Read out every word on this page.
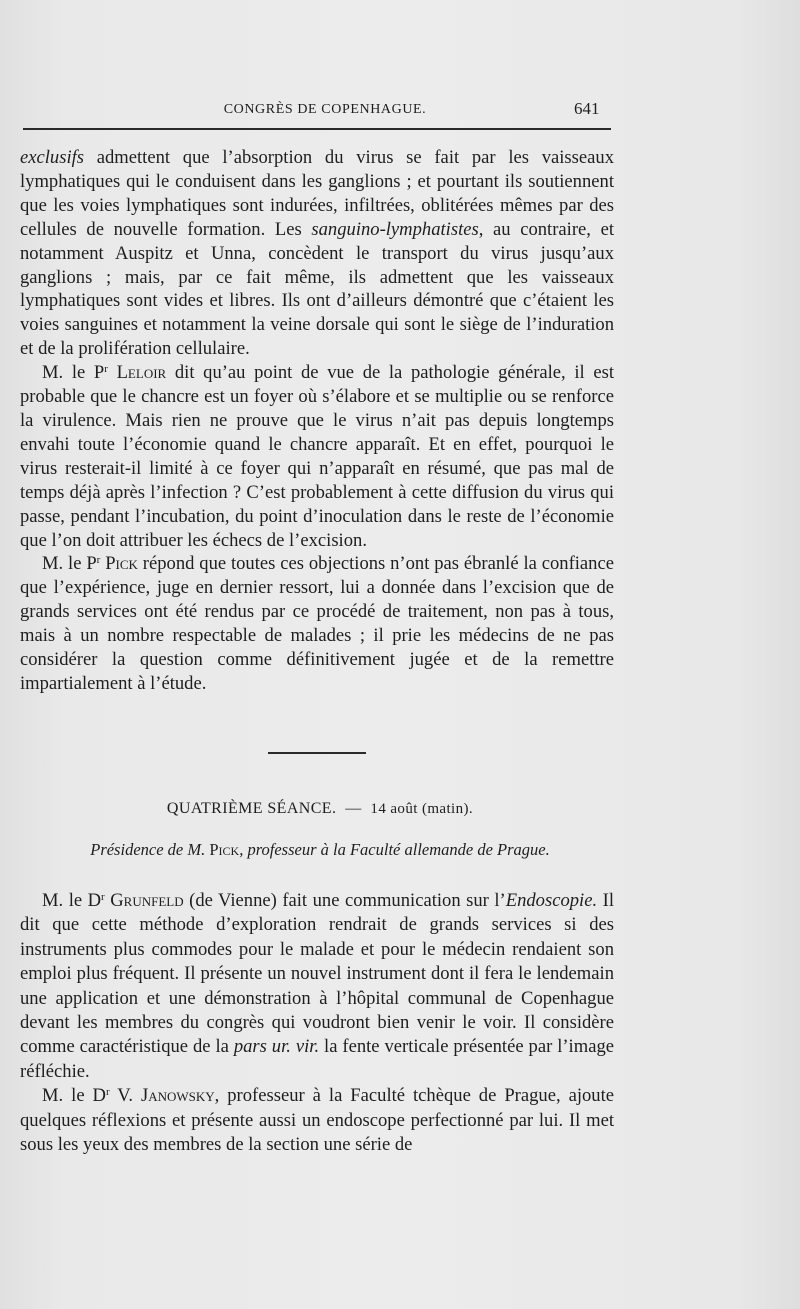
CONGRÈS DE COPENHAGUE.	641

exclusifs admettent que l’absorption du virus se fait par les vaisseaux lymphatiques qui le conduisent dans les ganglions ; et pourtant ils soutiennent que les voies lymphatiques sont indurées, infiltrées, oblitérées mêmes par des cellules de nouvelle formation. Les sanguino-lymphatistes, au contraire, et notamment Auspitz et Unna, concèdent le transport du virus jusqu’aux ganglions ; mais, par ce fait même, ils admettent que les vaisseaux lymphatiques sont vides et libres. Ils ont d’ailleurs démontré que c’étaient les voies sanguines et notamment la veine dorsale qui sont le siège de l’induration et de la prolifération cellulaire.

M. le $P^r$ Leloir dit qu’au point de vue de la pathologie générale, il est probable que le chancre est un foyer où s’élabore et se multiplie ou se renforce la virulence. Mais rien ne prouve que le virus n’ait pas depuis longtemps envahi toute l’économie quand le chancre apparaît. Et en effet, pourquoi le virus resterait-il limité à ce foyer qui n’apparaît en résumé, que pas mal de temps déjà après l’infection ? C’est probablement à cette diffusion du virus qui passe, pendant l’incubation, du point d’inoculation dans le reste de l’économie que l’on doit attribuer les échecs de l’excision.

M. le $P^r$ Pick répond que toutes ces objections n’ont pas ébranlé la confiance que l’expérience, juge en dernier ressort, lui a donnée dans l’excision que de grands services ont été rendus par ce procédé de traitement, non pas à tous, mais à un nombre respectable de malades ; il prie les médecins de ne pas considérer la question comme définitivement jugée et de la remettre impartialement à l’étude.

QUATRIÈME SÉANCE. — 14 août (matin).
Présidence de M. Pick, professeur à la Faculté allemande de Prague.

M. le $D^r$ Grunfeld (de Vienne) fait une communication sur l’Endoscopie. Il dit que cette méthode d’exploration rendrait de grands services si des instruments plus commodes pour le malade et pour le médecin rendaient son emploi plus fréquent. Il présente un nouvel instrument dont il fera le lendemain une application et une démonstration à l’hôpital communal de Copenhague devant les membres du congrès qui voudront bien venir le voir. Il considère comme caractéristique de la pars ur. vir. la fente verticale présentée par l’image réfléchie.

M. le $D^r$ V. Janowsky, professeur à la Faculté tchèque de Prague, ajoute quelques réflexions et présente aussi un endoscope perfectionné par lui. Il met sous les yeux des membres de la section une série de
